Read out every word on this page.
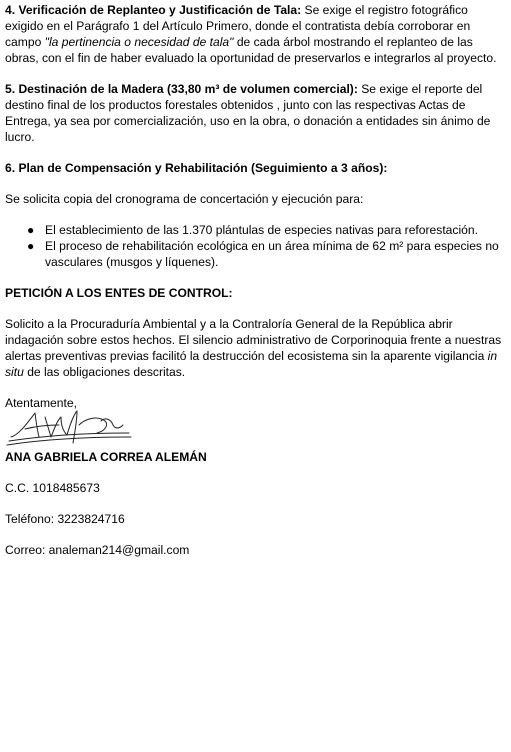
4. Verificación de Replanteo y Justificación de Tala: Se exige el registro fotográfico exigido en el Parágrafo 1 del Artículo Primero, donde el contratista debía corroborar en campo "la pertinencia o necesidad de tala" de cada árbol mostrando el replanteo de las obras, con el fin de haber evaluado la oportunidad de preservarlos e integrarlos al proyecto.

5. Destinación de la Madera (33,80 m³ de volumen comercial): Se exige el reporte del destino final de los productos forestales obtenidos , junto con las respectivas Actas de Entrega, ya sea por comercialización, uso en la obra, o donación a entidades sin ánimo de lucro.

6. Plan de Compensación y Rehabilitación (Seguimiento a 3 años):

Se solicita copia del cronograma de concertación y ejecución para:

● El establecimiento de las 1.370 plántulas de especies nativas para reforestación.
● El proceso de rehabilitación ecológica en un área mínima de 62 m² para especies no vasculares (musgos y líquenes).

PETICIÓN A LOS ENTES DE CONTROL:

Solicito a la Procuraduría Ambiental y a la Contraloría General de la República abrir indagación sobre estos hechos. El silencio administrativo de Corporinoquia frente a nuestras alertas preventivas previas facilitó la destrucción del ecosistema sin la aparente vigilancia in situ de las obligaciones descritas.

Atentamente,

ANA GABRIELA CORREA ALEMÁN

C.C. 1018485673

Teléfono: 3223824716

Correo: analeman214@gmail.com
